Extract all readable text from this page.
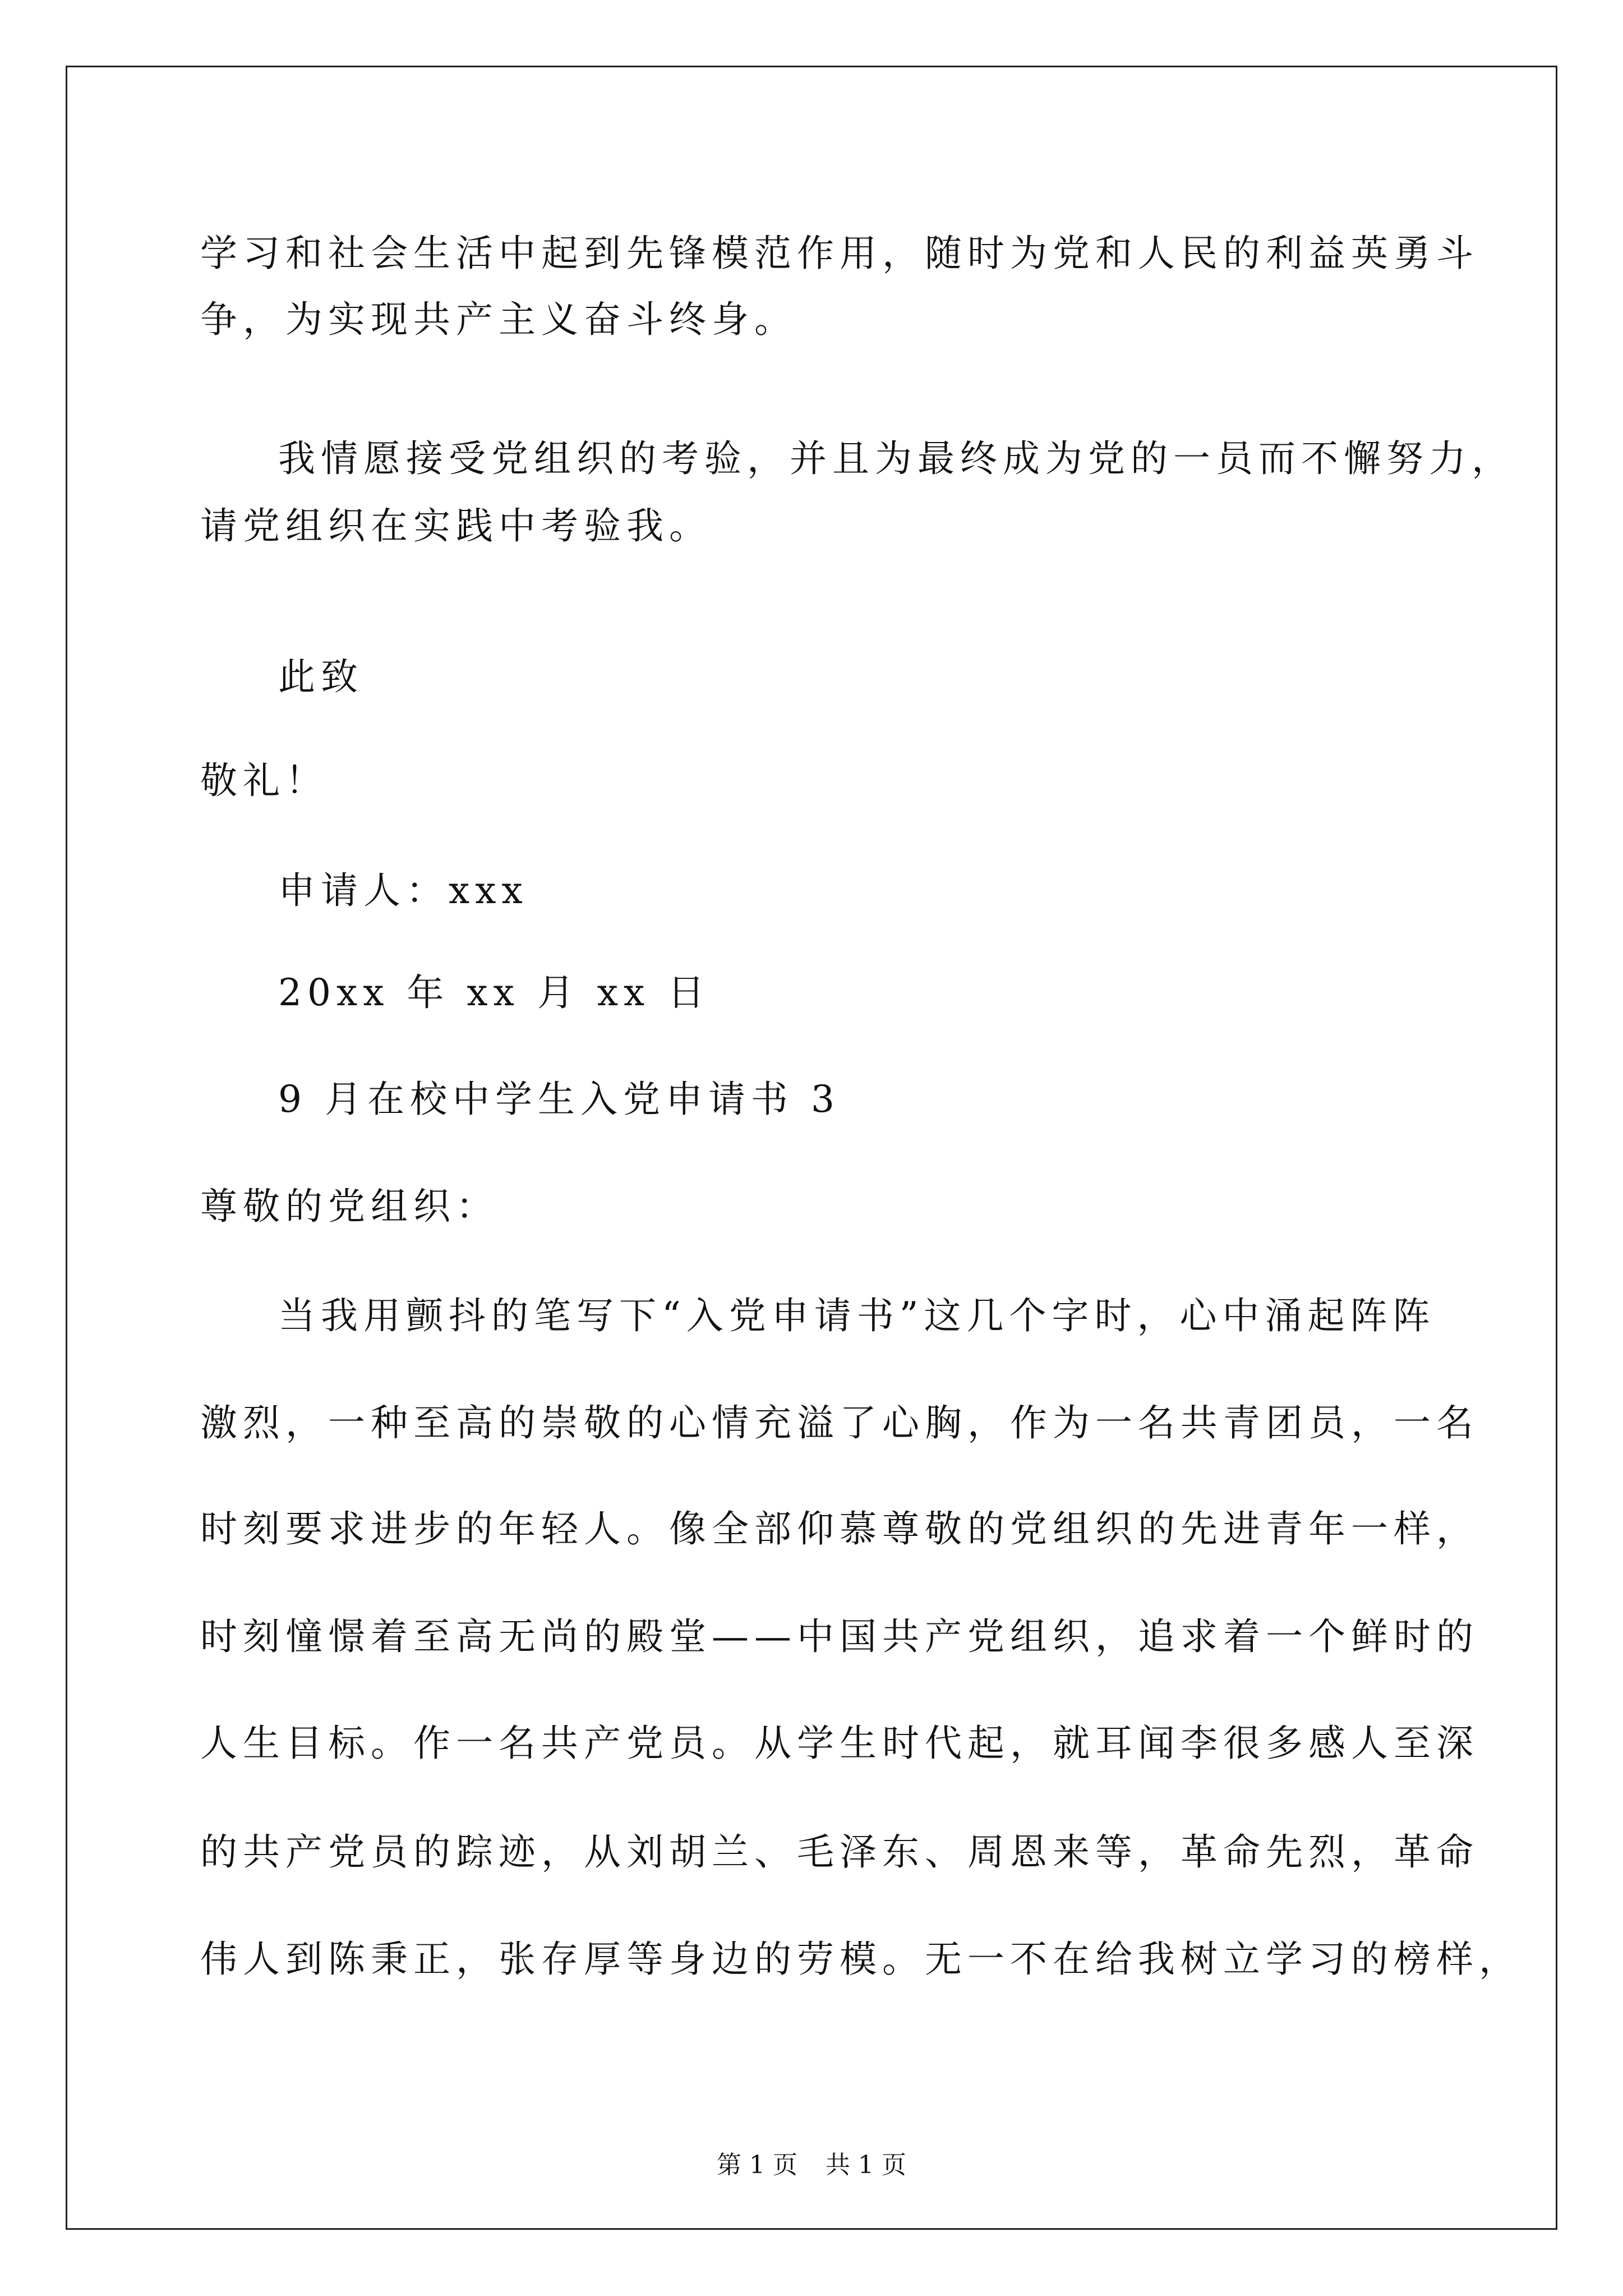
学习和社会生活中起到先锋模范作用，随时为党和人民的利益英勇斗
争，为实现共产主义奋斗终身。
我情愿接受党组织的考验，并且为最终成为党的一员而不懈努力，
请党组织在实践中考验我。
此致
敬礼！
申请人：xxx
20xx 年 xx 月 xx 日
9 月在校中学生入党申请书 3
尊敬的党组织：
当我用颤抖的笔写下“入党申请书”这几个字时，心中涌起阵阵
激烈，一种至高的崇敬的心情充溢了心胸，作为一名共青团员，一名
时刻要求进步的年轻人。像全部仰慕尊敬的党组织的先进青年一样，
时刻憧憬着至高无尚的殿堂——中国共产党组织，追求着一个鲜时的
人生目标。作一名共产党员。从学生时代起，就耳闻李很多感人至深
的共产党员的踪迹，从刘胡兰、毛泽东、周恩来等，革命先烈，革命
伟人到陈秉正，张存厚等身边的劳模。无一不在给我树立学习的榜样，
第 1 页 共 1 页
